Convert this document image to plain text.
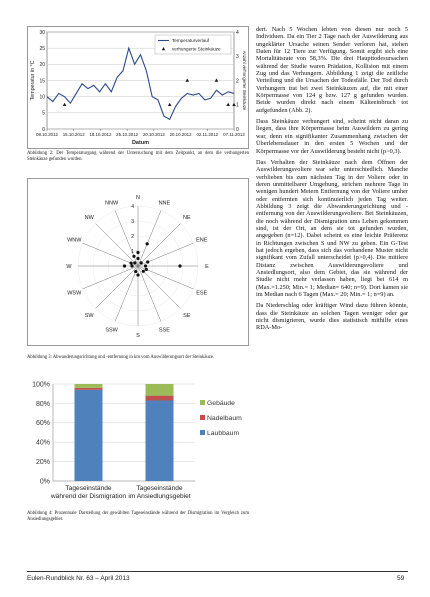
0
5
10
15
20
25
30
0
1
2
3
4
08.10.2012 15.10.2012 18.10.2012 25.10.2012 20.10.2012 20.10.2012 02.11.2012 07.11.2012
Datum
Temperatur in °C	Anzahl verhungerter Steinkäuze
Temperaturverlauf
verhungerte Steinkäuze
Abbildung 2: Der Temperaturgang während der Untersuchung mit dem Zeitpunkt, an dem die verhungerten Steinkäuze gefunden wurden.
N
NNE
NE
ENE
E
ESE
SE
SSE
S
SSW
SW
WSW
W
WNW
NW
NNW
1
2
3
4
Abbildung 3: Abwanderungsrichtung und -entfernung in km vom Auswilderungsort der Steinkäuze.
0%
20%
40%
60%
80%
100%
Tageseinstände
während der Dismigration
Tageseinstände
im Ansiedlungsgebiet
Gebäude
Nadelbaum
Laubbaum
Abbildung 4: Prozentuale Darstellung der gewählten Tageseinstände während der Dismigration im Vergleich zum Ansiedlungsgebiet.

dert. Nach 5 Wochen lebten von diesen nur noch 5 Individuen. Da ein Tier 2 Tage nach der Auswilderung aus ungeklärter Ursache seinen Sender verloren hat, stehen Daten für 12 Tiere zur Verfügung. Somit ergibt sich eine Mortalitätsrate von 58,3%. Die drei Haupttodesursachen während der Studie waren Prädation, Kollision mit einem Zug und das Verhungern. Abbildung 1 zeigt die zeitliche Verteilung und die Ursachen der Todesfälle. Der Tod durch Verhungern trat bei zwei Steinkäuzen auf, die mit einer Körpermasse von 124 g bzw. 127 g gefunden wurden. Beide wurden direkt nach einem Kälteeinbruch tot aufgefunden (Abb. 2).

Dass Steinkäuze verhungert sind, scheint nicht daran zu liegen, dass ihre Körpermasse beim Auswildern zu gering war, denn ein signifikanter Zusammenhang zwischen der Überlebensdauer in den ersten 5 Wochen und der Körpermasse vor der Auswilderung besteht nicht (p>0,3).

Das Verhalten der Steinkäuze nach dem Öffnen der Auswilderungsvoliere war sehr unterschiedlich. Manche verblieben bis zum nächsten Tag in der Voliere oder in deren unmittelbarer Umgebung, strichen mehrere Tage in wenigen hundert Metern Entfernung von der Voliere umher oder entfernten sich kontinuierlich jeden Tag weiter. Abbildung 3 zeigt die Abwanderungsrichtung und -entfernung von der Auswilderungsvoliere. Bei Steinkäuzen, die noch während der Dismigration ums Leben gekommen sind, ist der Ort, an dem sie tot gefunden wurden, angegeben (n=12). Dabei scheint es eine leichte Präferenz in Richtungen zwischen S und NW zu geben. Ein G-Test hat jedoch ergeben, dass sich das vorhandene Muster nicht signifikant vom Zufall unterscheidet (p>0,4). Die mittlere Distanz zwischen Auswilderungsvoliere und Ansiedlungsort, also dem Gebiet, das sie während der Studie nicht mehr verlassen haben, liegt bei 614 m (Max.=1.250; Min.= 1; Median= 640; n=9). Dort kamen sie im Median nach 6 Tagen (Max.= 20; Min.= 1; n=9) an.

Da Niederschlag oder kräftiger Wind dazu führen könnte, dass die Steinkäuze an solchen Tagen weniger oder gar nicht dismigrieren, wurde dies statistisch mithilfe eines RDA-Mo-

Eulen-Rundblick Nr. 63 – April 2013	59
